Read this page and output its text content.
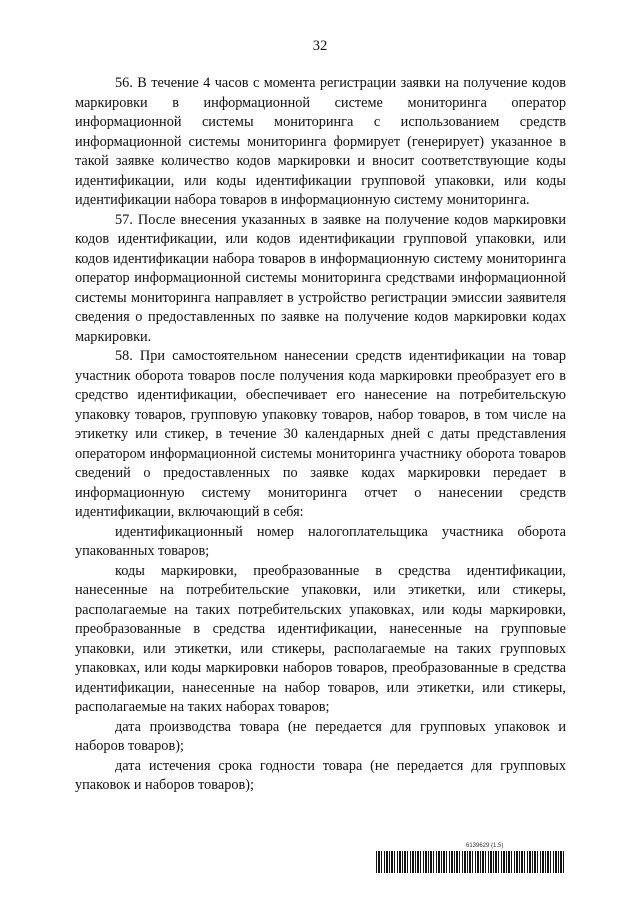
32

56. В течение 4 часов с момента регистрации заявки на получение кодов маркировки в информационной системе мониторинга оператор информационной системы мониторинга с использованием средств информационной системы мониторинга формирует (генерирует) указанное в такой заявке количество кодов маркировки и вносит соответствующие коды идентификации, или коды идентификации групповой упаковки, или коды идентификации набора товаров в информационную систему мониторинга.

57. После внесения указанных в заявке на получение кодов маркировки кодов идентификации, или кодов идентификации групповой упаковки, или кодов идентификации набора товаров в информационную систему мониторинга оператор информационной системы мониторинга средствами информационной системы мониторинга направляет в устройство регистрации эмиссии заявителя сведения о предоставленных по заявке на получение кодов маркировки кодах маркировки.

58. При самостоятельном нанесении средств идентификации на товар участник оборота товаров после получения кода маркировки преобразует его в средство идентификации, обеспечивает его нанесение на потребительскую упаковку товаров, групповую упаковку товаров, набор товаров, в том числе на этикетку или стикер, в течение 30 календарных дней с даты представления оператором информационной системы мониторинга участнику оборота товаров сведений о предоставленных по заявке кодах маркировки передает в информационную систему мониторинга отчет о нанесении средств идентификации, включающий в себя:

идентификационный номер налогоплательщика участника оборота упакованных товаров;

коды маркировки, преобразованные в средства идентификации, нанесенные на потребительские упаковки, или этикетки, или стикеры, располагаемые на таких потребительских упаковках, или коды маркировки, преобразованные в средства идентификации, нанесенные на групповые упаковки, или этикетки, или стикеры, располагаемые на таких групповых упаковках, или коды маркировки наборов товаров, преобразованные в средства идентификации, нанесенные на набор товаров, или этикетки, или стикеры, располагаемые на таких наборах товаров;

дата производства товара (не передается для групповых упаковок и наборов товаров);

дата истечения срока годности товара (не передается для групповых упаковок и наборов товаров);

6139629 (1.5)
